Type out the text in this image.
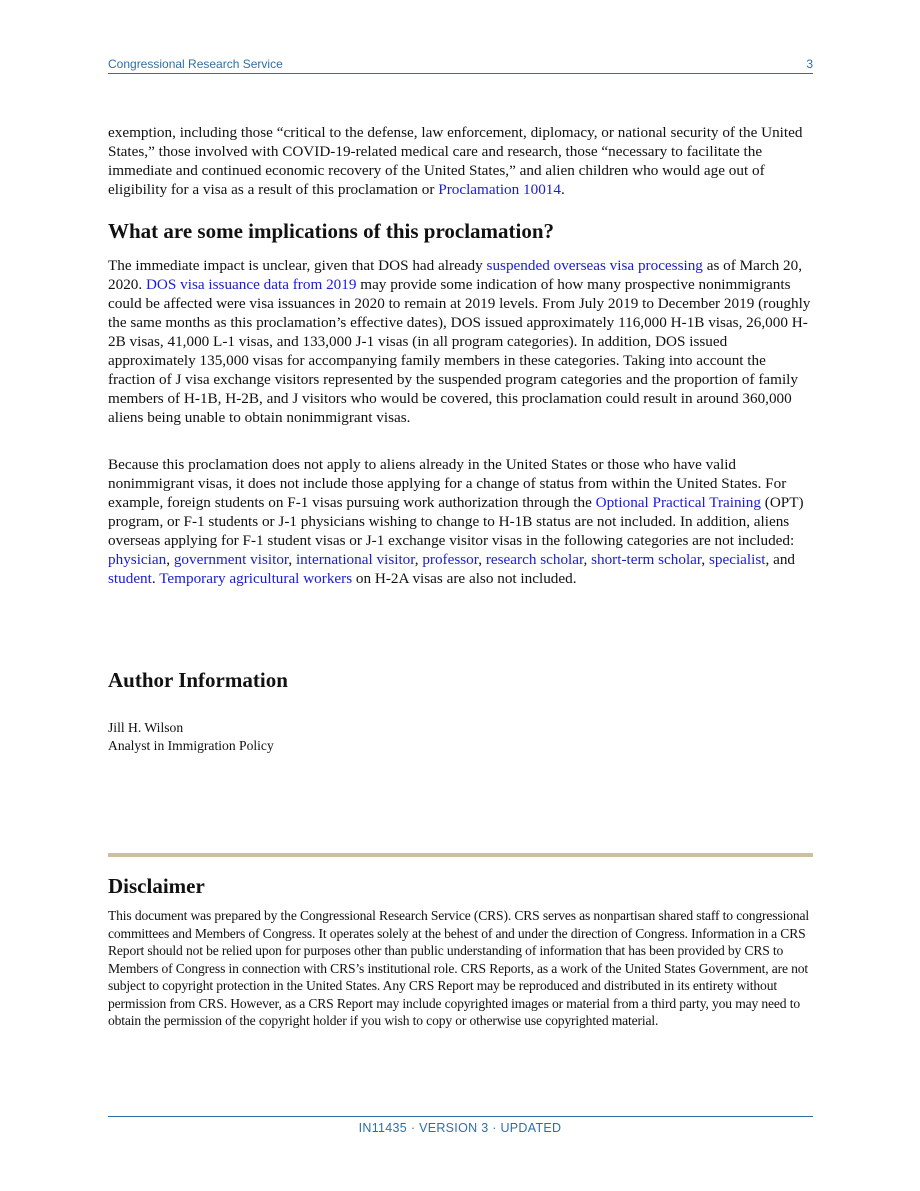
Congressional Research Service	3

exemption, including those “critical to the defense, law enforcement, diplomacy, or national security of the United States,” those involved with COVID-19-related medical care and research, those “necessary to facilitate the immediate and continued economic recovery of the United States,” and alien children who would age out of eligibility for a visa as a result of this proclamation or Proclamation 10014.

What are some implications of this proclamation?

The immediate impact is unclear, given that DOS had already suspended overseas visa processing as of March 20, 2020. DOS visa issuance data from 2019 may provide some indication of how many prospective nonimmigrants could be affected were visa issuances in 2020 to remain at 2019 levels. From July 2019 to December 2019 (roughly the same months as this proclamation’s effective dates), DOS issued approximately 116,000 H-1B visas, 26,000 H-2B visas, 41,000 L-1 visas, and 133,000 J-1 visas (in all program categories). In addition, DOS issued approximately 135,000 visas for accompanying family members in these categories. Taking into account the fraction of J visa exchange visitors represented by the suspended program categories and the proportion of family members of H-1B, H-2B, and J visitors who would be covered, this proclamation could result in around 360,000 aliens being unable to obtain nonimmigrant visas.

Because this proclamation does not apply to aliens already in the United States or those who have valid nonimmigrant visas, it does not include those applying for a change of status from within the United States. For example, foreign students on F-1 visas pursuing work authorization through the Optional Practical Training (OPT) program, or F-1 students or J-1 physicians wishing to change to H-1B status are not included. In addition, aliens overseas applying for F-1 student visas or J-1 exchange visitor visas in the following categories are not included: physician, government visitor, international visitor, professor, research scholar, short-term scholar, specialist, and student. Temporary agricultural workers on H-2A visas are also not included.

Author Information
Jill H. Wilson
Analyst in Immigration Policy
Disclaimer

This document was prepared by the Congressional Research Service (CRS). CRS serves as nonpartisan shared staff to congressional committees and Members of Congress. It operates solely at the behest of and under the direction of Congress. Information in a CRS Report should not be relied upon for purposes other than public understanding of information that has been provided by CRS to Members of Congress in connection with CRS’s institutional role. CRS Reports, as a work of the United States Government, are not subject to copyright protection in the United States. Any CRS Report may be reproduced and distributed in its entirety without permission from CRS. However, as a CRS Report may include copyrighted images or material from a third party, you may need to obtain the permission of the copyright holder if you wish to copy or otherwise use copyrighted material.

IN11435 · VERSION 3 · UPDATED
